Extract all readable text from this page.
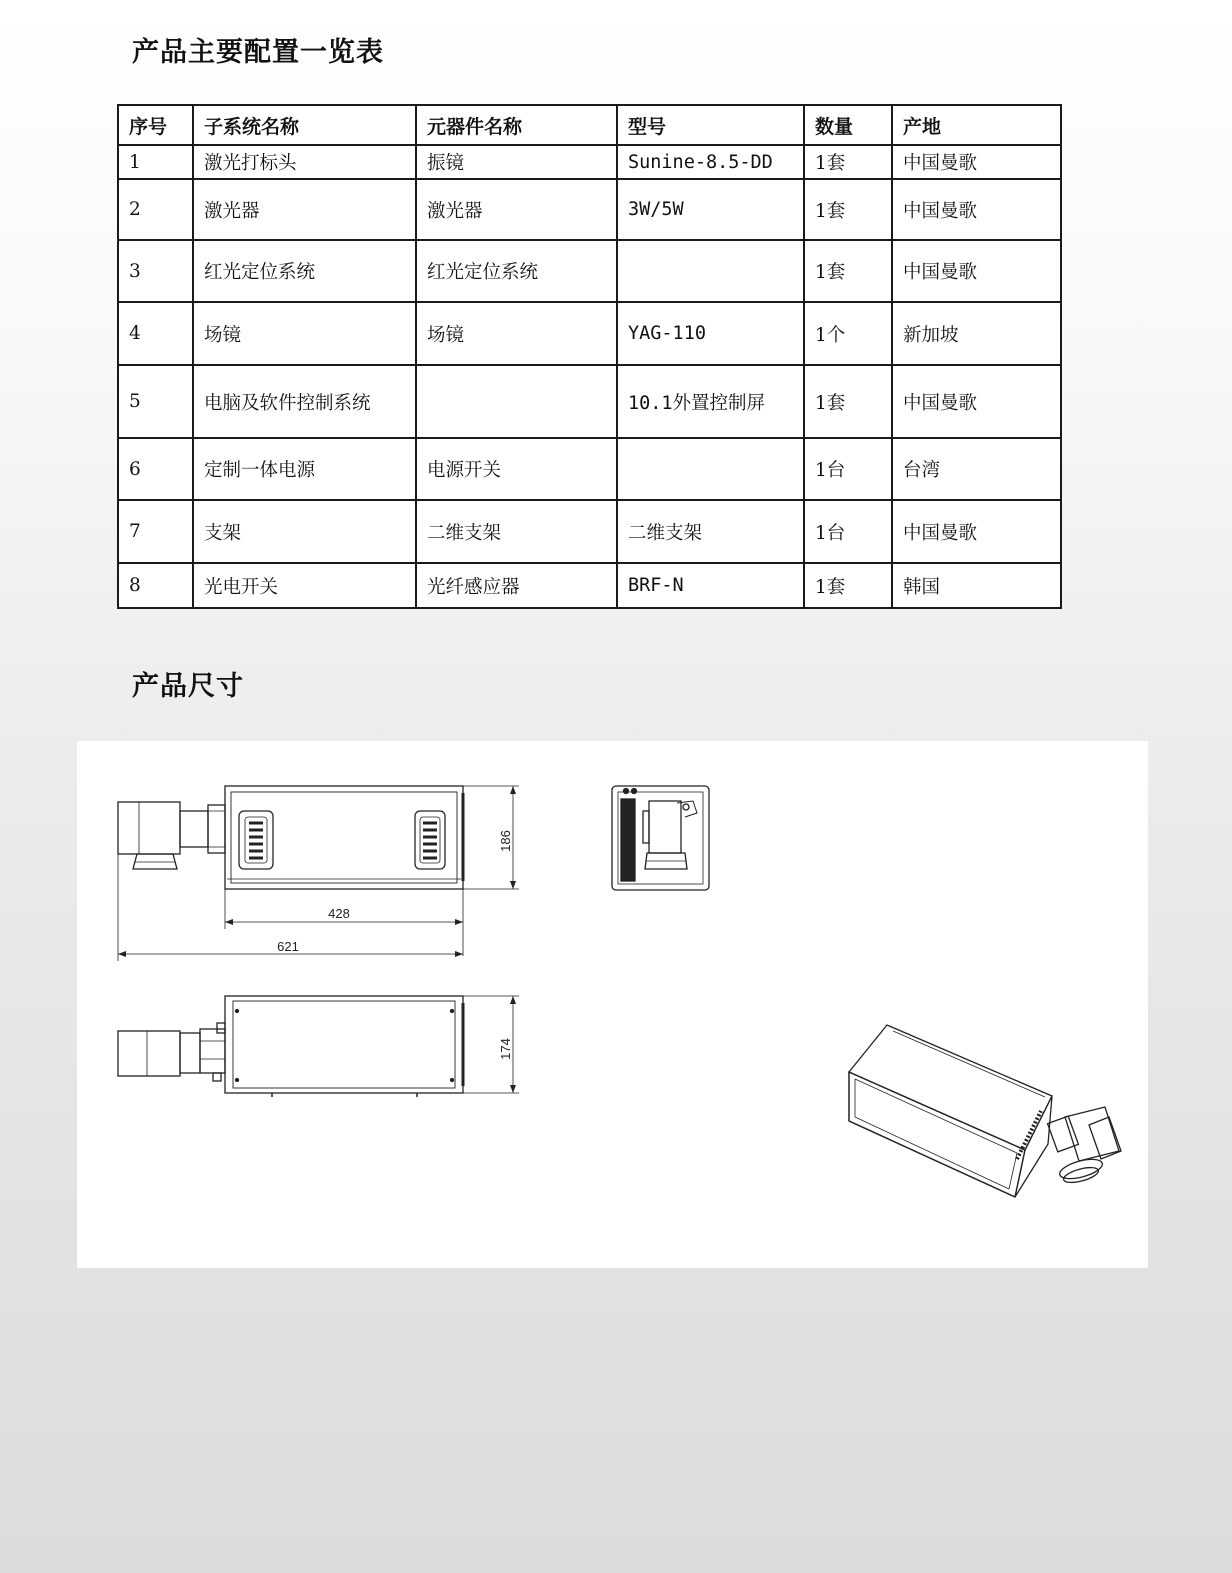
产品主要配置一览表
序号	子系统名称	元器件名称	型号	数量	产地
1	激光打标头	振镜	Sunine-8.5-DD	1套	中国曼歌
2	激光器	激光器	3W/5W	1套	中国曼歌
3	红光定位系统	红光定位系统		1套	中国曼歌
4	场镜	场镜	YAG-110	1个	新加坡
5	电脑及软件控制系统		10.1外置控制屏	1套	中国曼歌
6	定制一体电源	电源开关		1台	台湾
7	支架	二维支架	二维支架	1台	中国曼歌
8	光电开关	光纤感应器	BRF-N	1套	韩国
产品尺寸
186
428
621
174
